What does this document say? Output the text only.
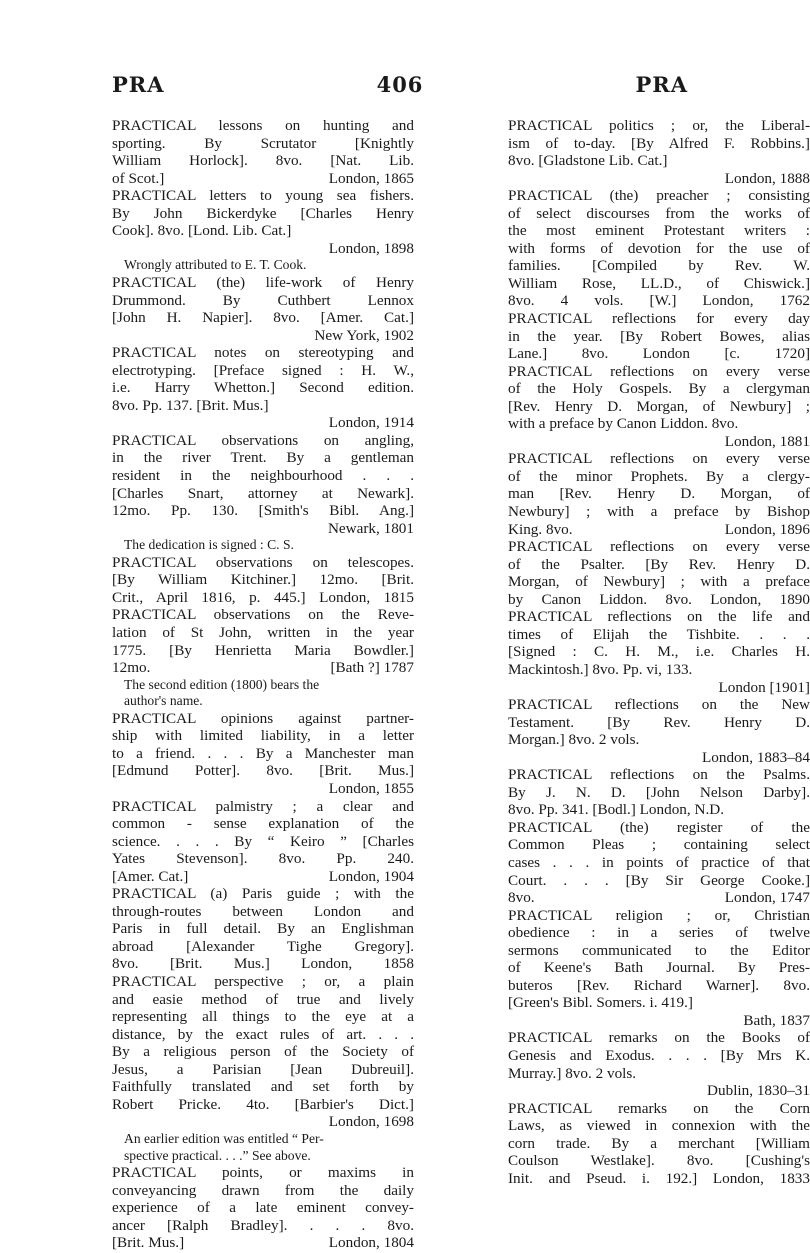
PRA	406	PRA
PRACTICAL lessons on hunting and
sporting. By Scrutator [Knightly
William Horlock]. 8vo. [Nat. Lib.
of Scot.]	London, 1865
PRACTICAL letters to young sea fishers.
By John Bickerdyke [Charles Henry
Cook]. 8vo. [Lond. Lib. Cat.]
London, 1898
Wrongly attributed to E. T. Cook.
PRACTICAL (the) life-work of Henry
Drummond. By Cuthbert Lennox
[John H. Napier]. 8vo. [Amer. Cat.]
New York, 1902
PRACTICAL notes on stereotyping and
electrotyping. [Preface signed : H. W.,
i.e. Harry Whetton.] Second edition.
8vo. Pp. 137. [Brit. Mus.]
London, 1914
PRACTICAL observations on angling,
in the river Trent. By a gentleman
resident in the neighbourhood . . .
[Charles Snart, attorney at Newark].
12mo. Pp. 130. [Smith's Bibl. Ang.]
Newark, 1801
The dedication is signed : C. S.
PRACTICAL observations on telescopes.
[By William Kitchiner.] 12mo. [Brit.
Crit., April 1816, p. 445.] London, 1815
PRACTICAL observations on the Reve-
lation of St John, written in the year
1775. [By Henrietta Maria Bowdler.]
12mo.	[Bath ?] 1787
The second edition (1800) bears the
author's name.
PRACTICAL opinions against partner-
ship with limited liability, in a letter
to a friend. . . . By a Manchester man
[Edmund Potter]. 8vo. [Brit. Mus.]
London, 1855
PRACTICAL palmistry ; a clear and
common - sense explanation of the
science. . . . By “ Keiro ” [Charles
Yates Stevenson]. 8vo. Pp. 240.
[Amer. Cat.]	London, 1904
PRACTICAL (a) Paris guide ; with the
through-routes between London and
Paris in full detail. By an Englishman
abroad [Alexander Tighe Gregory].
8vo. [Brit. Mus.] London, 1858
PRACTICAL perspective ; or, a plain
and easie method of true and lively
representing all things to the eye at a
distance, by the exact rules of art. . . .
By a religious person of the Society of
Jesus, a Parisian [Jean Dubreuil].
Faithfully translated and set forth by
Robert Pricke. 4to. [Barbier's Dict.]
London, 1698
An earlier edition was entitled “ Per-
spective practical. . . .” See above.
PRACTICAL points, or maxims in
conveyancing drawn from the daily
experience of a late eminent convey-
ancer [Ralph Bradley]. . . . 8vo.
[Brit. Mus.]	London, 1804
PRACTICAL politics ; or, the Liberal-
ism of to-day. [By Alfred F. Robbins.]
8vo. [Gladstone Lib. Cat.]
London, 1888
PRACTICAL (the) preacher ; consisting
of select discourses from the works of
the most eminent Protestant writers :
with forms of devotion for the use of
families. [Compiled by Rev. W.
William Rose, LL.D., of Chiswick.]
8vo. 4 vols. [W.] London, 1762
PRACTICAL reflections for every day
in the year. [By Robert Bowes, alias
Lane.] 8vo. London [c. 1720]
PRACTICAL reflections on every verse
of the Holy Gospels. By a clergyman
[Rev. Henry D. Morgan, of Newbury] ;
with a preface by Canon Liddon. 8vo.
London, 1881
PRACTICAL reflections on every verse
of the minor Prophets. By a clergy-
man [Rev. Henry D. Morgan, of
Newbury] ; with a preface by Bishop
King. 8vo.	London, 1896
PRACTICAL reflections on every verse
of the Psalter. [By Rev. Henry D.
Morgan, of Newbury] ; with a preface
by Canon Liddon. 8vo. London, 1890
PRACTICAL reflections on the life and
times of Elijah the Tishbite. . . .
[Signed : C. H. M., i.e. Charles H.
Mackintosh.] 8vo. Pp. vi, 133.
London [1901]
PRACTICAL reflections on the New
Testament. [By Rev. Henry D.
Morgan.] 8vo. 2 vols.
London, 1883–84
PRACTICAL reflections on the Psalms.
By J. N. D. [John Nelson Darby].
8vo. Pp. 341. [Bodl.] London, N.D.
PRACTICAL (the) register of the
Common Pleas ; containing select
cases . . . in points of practice of that
Court. . . . [By Sir George Cooke.]
8vo.	London, 1747
PRACTICAL religion ; or, Christian
obedience : in a series of twelve
sermons communicated to the Editor
of Keene's Bath Journal. By Pres-
buteros [Rev. Richard Warner]. 8vo.
[Green's Bibl. Somers. i. 419.]
Bath, 1837
PRACTICAL remarks on the Books of
Genesis and Exodus. . . . [By Mrs K.
Murray.] 8vo. 2 vols.
Dublin, 1830–31
PRACTICAL remarks on the Corn
Laws, as viewed in connexion with the
corn trade. By a merchant [William
Coulson Westlake]. 8vo. [Cushing's
Init. and Pseud. i. 192.] London, 1833
